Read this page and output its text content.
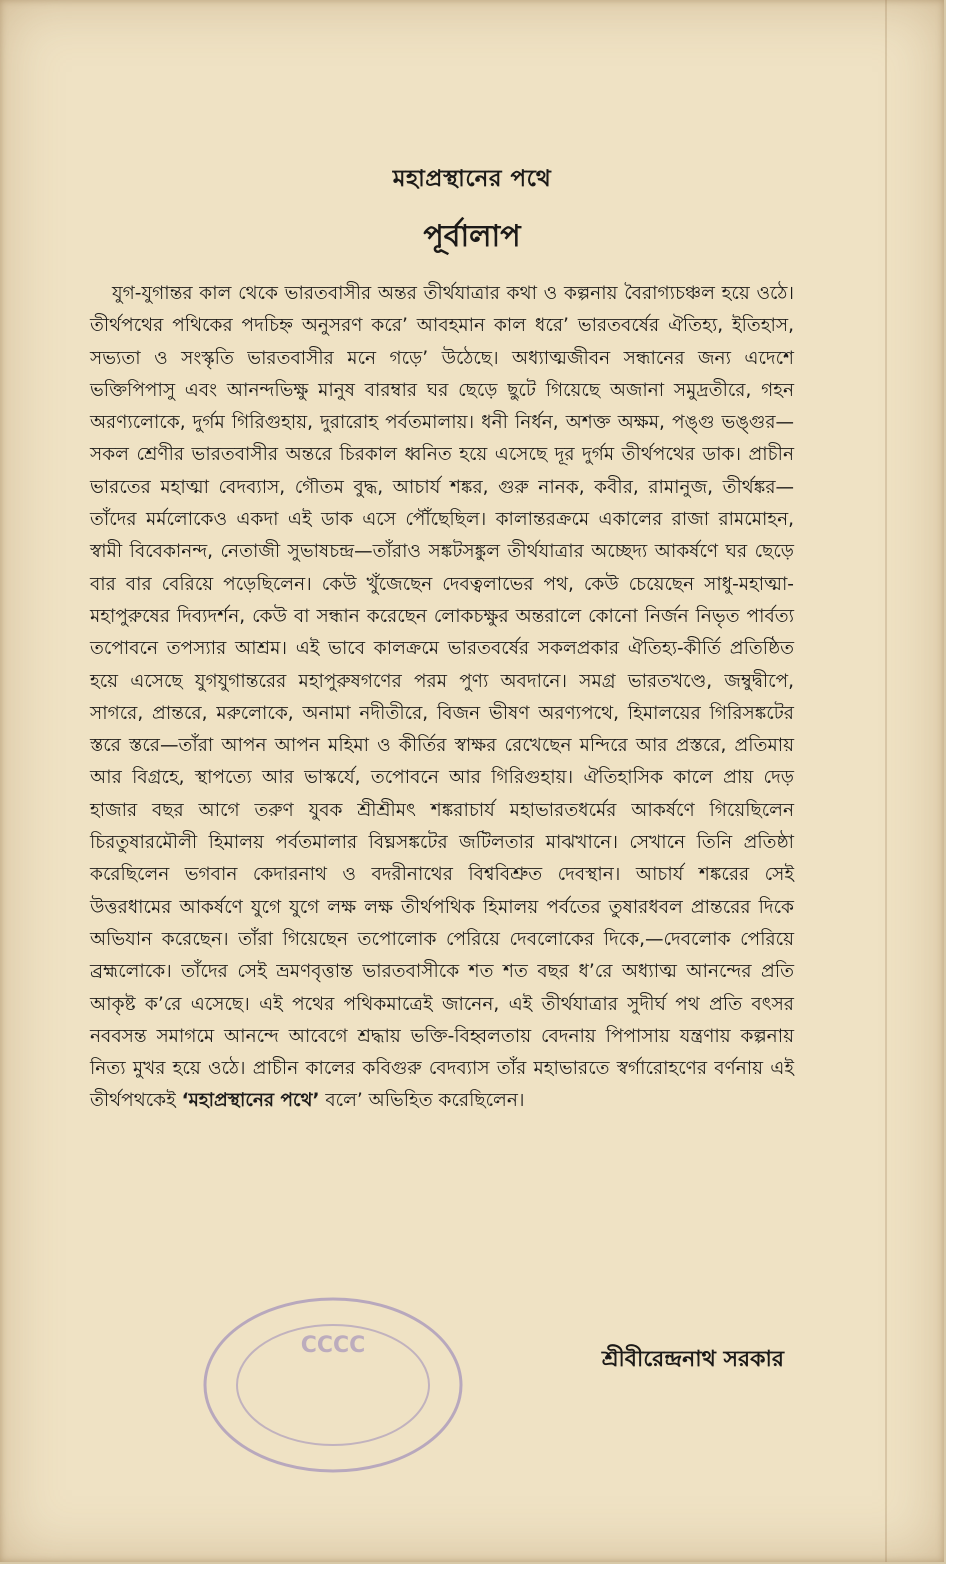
মহাপ্রস্থানের পথে
পূর্বালাপ

যুগ-যুগান্তর কাল থেকে ভারতবাসীর অন্তর তীর্থযাত্রার কথা ও কল্পনায় বৈরাগ্যচঞ্চল হয়ে ওঠে। তীর্থপথের পথিকের পদচিহ্ন অনুসরণ করে’ আবহমান কাল ধরে’ ভারতবর্ষের ঐতিহ্য, ইতিহাস, সভ্যতা ও সংস্কৃতি ভারতবাসীর মনে গড়ে’ উঠেছে। অধ্যাত্মজীবন সন্ধানের জন্য এদেশে ভক্তিপিপাসু এবং আনন্দভিক্ষু মানুষ বারম্বার ঘর ছেড়ে ছুটে গিয়েছে অজানা সমুদ্রতীরে, গহন অরণ্যলোকে, দুর্গম গিরিগুহায়, দুরারোহ পর্বতমালায়। ধনী নির্ধন, অশক্ত অক্ষম, পঙ্গু ভঙ্গুর—সকল শ্রেণীর ভারতবাসীর অন্তরে চিরকাল ধ্বনিত হয়ে এসেছে দূর দুর্গম তীর্থপথের ডাক। প্রাচীন ভারতের মহাত্মা বেদব্যাস, গৌতম বুদ্ধ, আচার্য শঙ্কর, গুরু নানক, কবীর, রামানুজ, তীর্থঙ্কর—তাঁদের মর্মলোকেও একদা এই ডাক এসে পৌঁছেছিল। কালান্তরক্রমে একালের রাজা রামমোহন, স্বামী বিবেকানন্দ, নেতাজী সুভাষচন্দ্র—তাঁরাও সঙ্কটসঙ্কুল তীর্থযাত্রার অচ্ছেদ্য আকর্ষণে ঘর ছেড়ে বার বার বেরিয়ে পড়েছিলেন। কেউ খুঁজেছেন দেবত্বলাভের পথ, কেউ চেয়েছেন সাধু-মহাত্মা-মহাপুরুষের দিব্যদর্শন, কেউ বা সন্ধান করেছেন লোকচক্ষুর অন্তরালে কোনো নির্জন নিভৃত পার্বত্য তপোবনে তপস্যার আশ্রম। এই ভাবে কালক্রমে ভারতবর্ষের সকলপ্রকার ঐতিহ্য-কীর্তি প্রতিষ্ঠিত হয়ে এসেছে যুগযুগান্তরের মহাপুরুষগণের পরম পুণ্য অবদানে। সমগ্র ভারতখণ্ডে, জম্বুদ্বীপে, সাগরে, প্রান্তরে, মরুলোকে, অনামা নদীতীরে, বিজন ভীষণ অরণ্যপথে, হিমালয়ের গিরিসঙ্কটের স্তরে স্তরে—তাঁরা আপন আপন মহিমা ও কীর্তির স্বাক্ষর রেখেছেন মন্দিরে আর প্রস্তরে, প্রতিমায় আর বিগ্রহে, স্থাপত্যে আর ভাস্কর্যে, তপোবনে আর গিরিগুহায়। ঐতিহাসিক কালে প্রায় দেড় হাজার বছর আগে তরুণ যুবক শ্রীশ্রীমৎ শঙ্করাচার্য মহাভারতধর্মের আকর্ষণে গিয়েছিলেন চিরতুষারমৌলী হিমালয় পর্বতমালার বিঘ্নসঙ্কটের জটিলতার মাঝখানে। সেখানে তিনি প্রতিষ্ঠা করেছিলেন ভগবান কেদারনাথ ও বদরীনাথের বিশ্ববিশ্রুত দেবস্থান। আচার্য শঙ্করের সেই উত্তরধামের আকর্ষণে যুগে যুগে লক্ষ লক্ষ তীর্থপথিক হিমালয় পর্বতের তুষারধবল প্রান্তরের দিকে অভিযান করেছেন। তাঁরা গিয়েছেন তপোলোক পেরিয়ে দেবলোকের দিকে,—দেবলোক পেরিয়ে ব্রহ্মলোকে। তাঁদের সেই ভ্রমণবৃত্তান্ত ভারতবাসীকে শত শত বছর ধ’রে অধ্যাত্ম আনন্দের প্রতি আকৃষ্ট ক’রে এসেছে। এই পথের পথিকমাত্রেই জানেন, এই তীর্থযাত্রার সুদীর্ঘ পথ প্রতি বৎসর নববসন্ত সমাগমে আনন্দে আবেগে শ্রদ্ধায় ভক্তি-বিহ্বলতায় বেদনায় পিপাসায় যন্ত্রণায় কল্পনায় নিত্য মুখর হয়ে ওঠে। প্রাচীন কালের কবিগুরু বেদব্যাস তাঁর মহাভারতে স্বর্গারোহণের বর্ণনায় এই তীর্থপথকেই ‘মহাপ্রস্থানের পথে’ বলে’ অভিহিত করেছিলেন।

CCCC
শ্রীবীরেন্দ্রনাথ সরকার
